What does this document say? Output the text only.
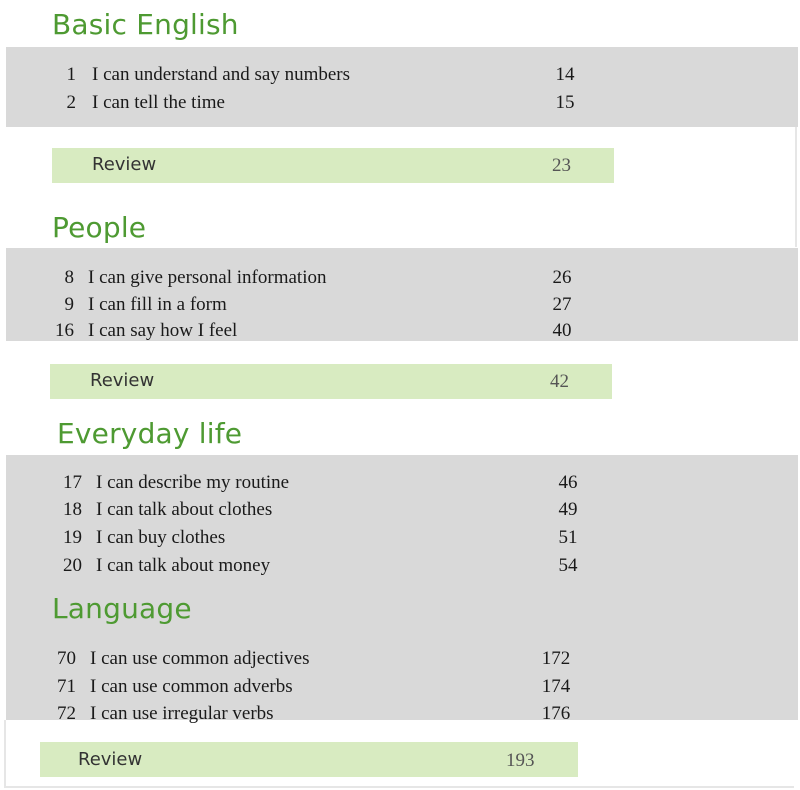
Basic English
1 I can understand and say numbers	14
2 I can tell the time	15
Review	23
People
8 I can give personal information	26
9 I can fill in a form	27
16 I can say how I feel	40
Review	42
Everyday life
17 I can describe my routine	46
18 I can talk about clothes	49
19 I can buy clothes	51
20 I can talk about money	54
Language
70 I can use common adjectives	172
71 I can use common adverbs	174
72 I can use irregular verbs	176
Review	193
